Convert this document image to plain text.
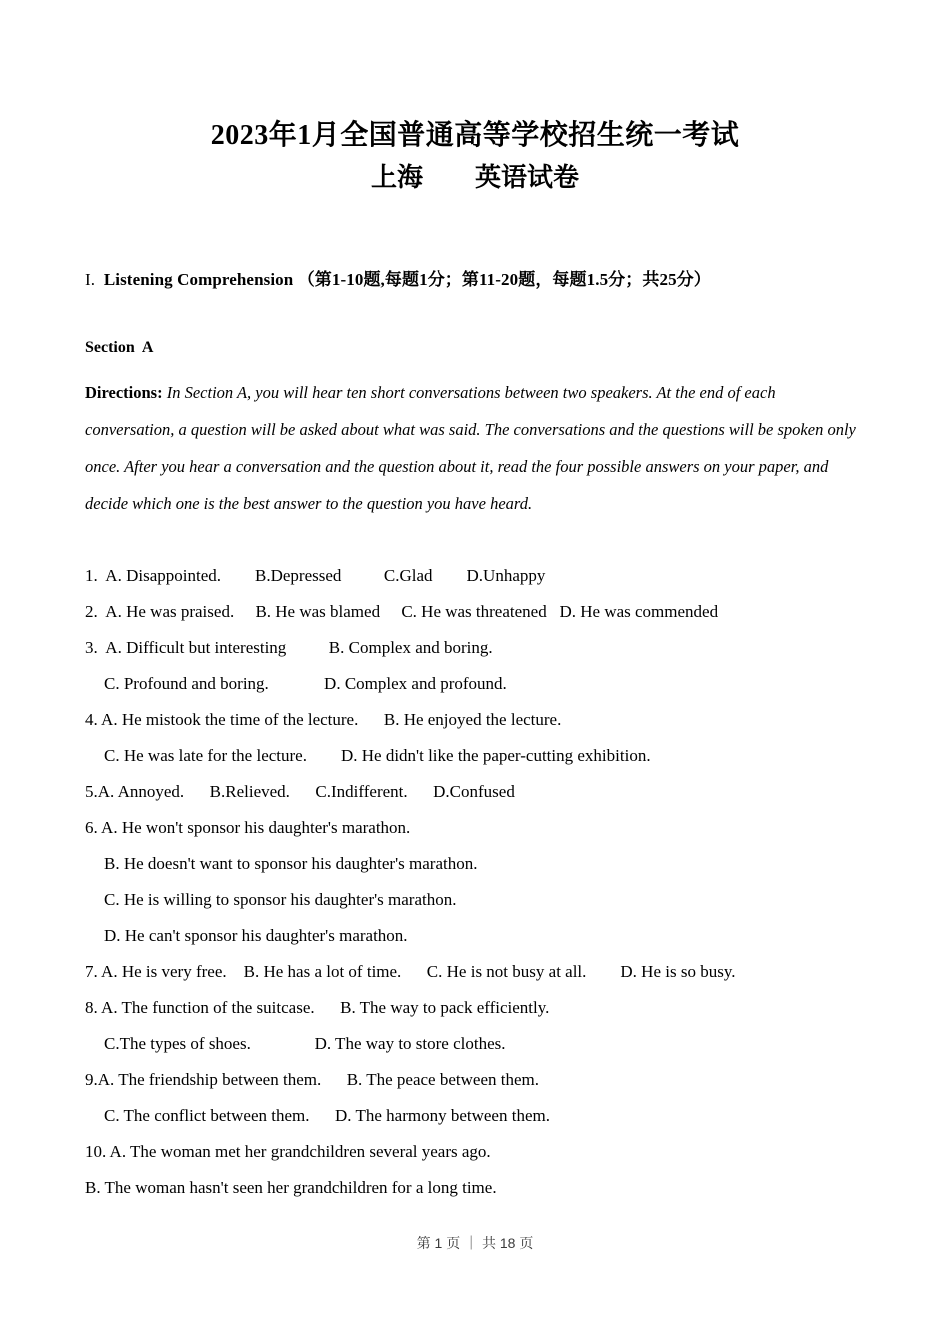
2023年1月全国普通高等学校招生统一考试
上海        英语试卷
I. Listening Comprehension （第1-10题,每题1分；第11-20题，每题1.5分；共25分）
Section  A
Directions: In Section A, you will hear ten short conversations between two speakers. At the end of each conversation, a question will be asked about what was said. The conversations and the questions will be spoken only once. After you hear a conversation and the question about it, read the four possible answers on your paper, and decide which one is the best answer to the question you have heard.
1.  A. Disappointed.        B.Depressed          C.Glad        D.Unhappy
2.  A. He was praised.     B. He was blamed     C. He was threatened   D. He was commended
3.  A. Difficult but interesting          B. Complex and boring.
C. Profound and boring.             D. Complex and profound.
4. A. He mistook the time of the lecture.      B. He enjoyed the lecture.
C. He was late for the lecture.        D. He didn't like the paper-cutting exhibition.
5.A. Annoyed.      B.Relieved.      C.Indifferent.      D.Confused
6. A. He won't sponsor his daughter's marathon.
B. He doesn't want to sponsor his daughter's marathon.
C. He is willing to sponsor his daughter's marathon.
D. He can't sponsor his daughter's marathon.
7. A. He is very free.    B. He has a lot of time.      C. He is not busy at all.        D. He is so busy.
8. A. The function of the suitcase.      B. The way to pack efficiently.
C.The types of shoes.               D. The way to store clothes.
9.A. The friendship between them.      B. The peace between them.
C. The conflict between them.      D. The harmony between them.
10. A. The woman met her grandchildren several years ago.
B. The woman hasn't seen her grandchildren for a long time.
第 1 页 ｜ 共 18 页
